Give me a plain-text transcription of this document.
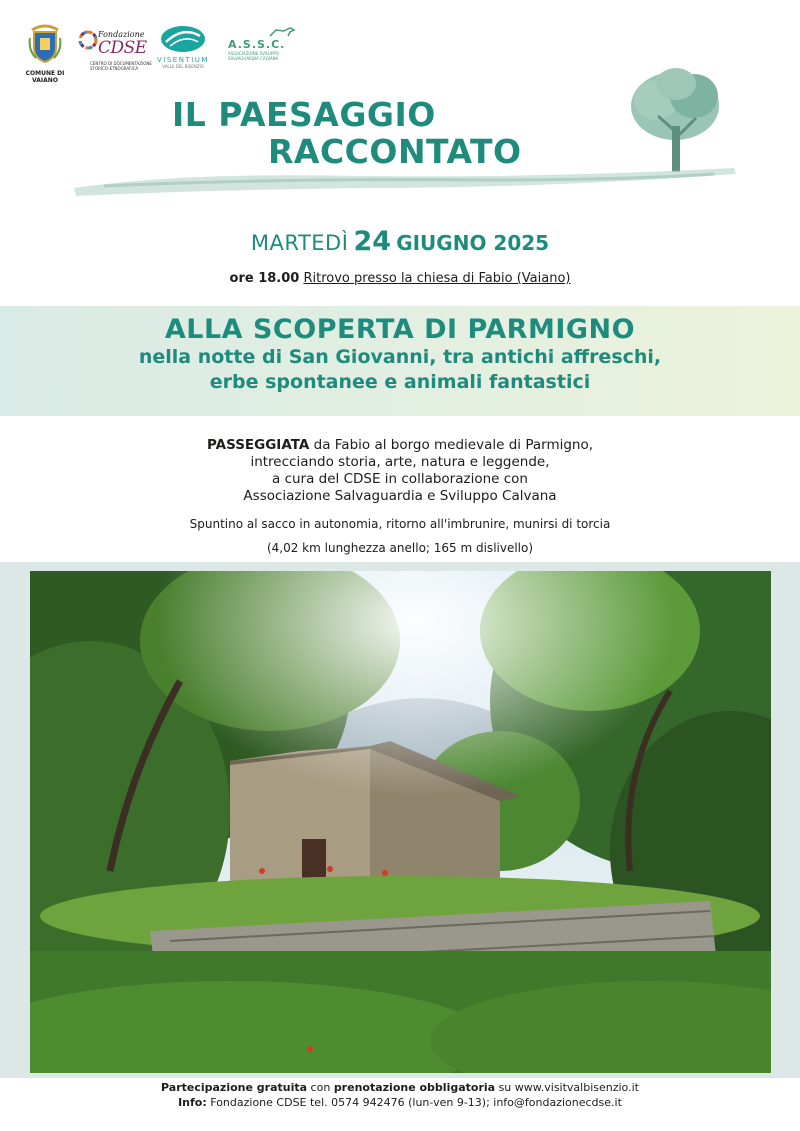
COMUNE DI
VAIANO
Fondazione
CDSE
CENTRO DI DOCUMENTAZIONE STORICO-ETNOGRAFICA
VISENTIUM
VALLE DEL BISENZIO
A.S.S.C.
ASSOCIAZIONE SVILUPPO SALVAGUARDIA CALVANA
IL PAESAGGIO
RACCONTATO
MARTEDÌ 24 GIUGNO 2025
ore 18.00 Ritrovo presso la chiesa di Fabio (Vaiano)
ALLA SCOPERTA DI PARMIGNO
nella notte di San Giovanni, tra antichi affreschi,
erbe spontanee e animali fantastici
PASSEGGIATA da Fabio al borgo medievale di Parmigno,
intrecciando storia, arte, natura e leggende,
a cura del CDSE in collaborazione con
Associazione Salvaguardia e Sviluppo Calvana
Spuntino al sacco in autonomia, ritorno all'imbrunire, munirsi di torcia
(4,02 km lunghezza anello; 165 m dislivello)
Partecipazione gratuita con prenotazione obbligatoria su www.visitvalbisenzio.it
Info: Fondazione CDSE tel. 0574 942476 (lun-ven 9-13); info@fondazionecdse.it
